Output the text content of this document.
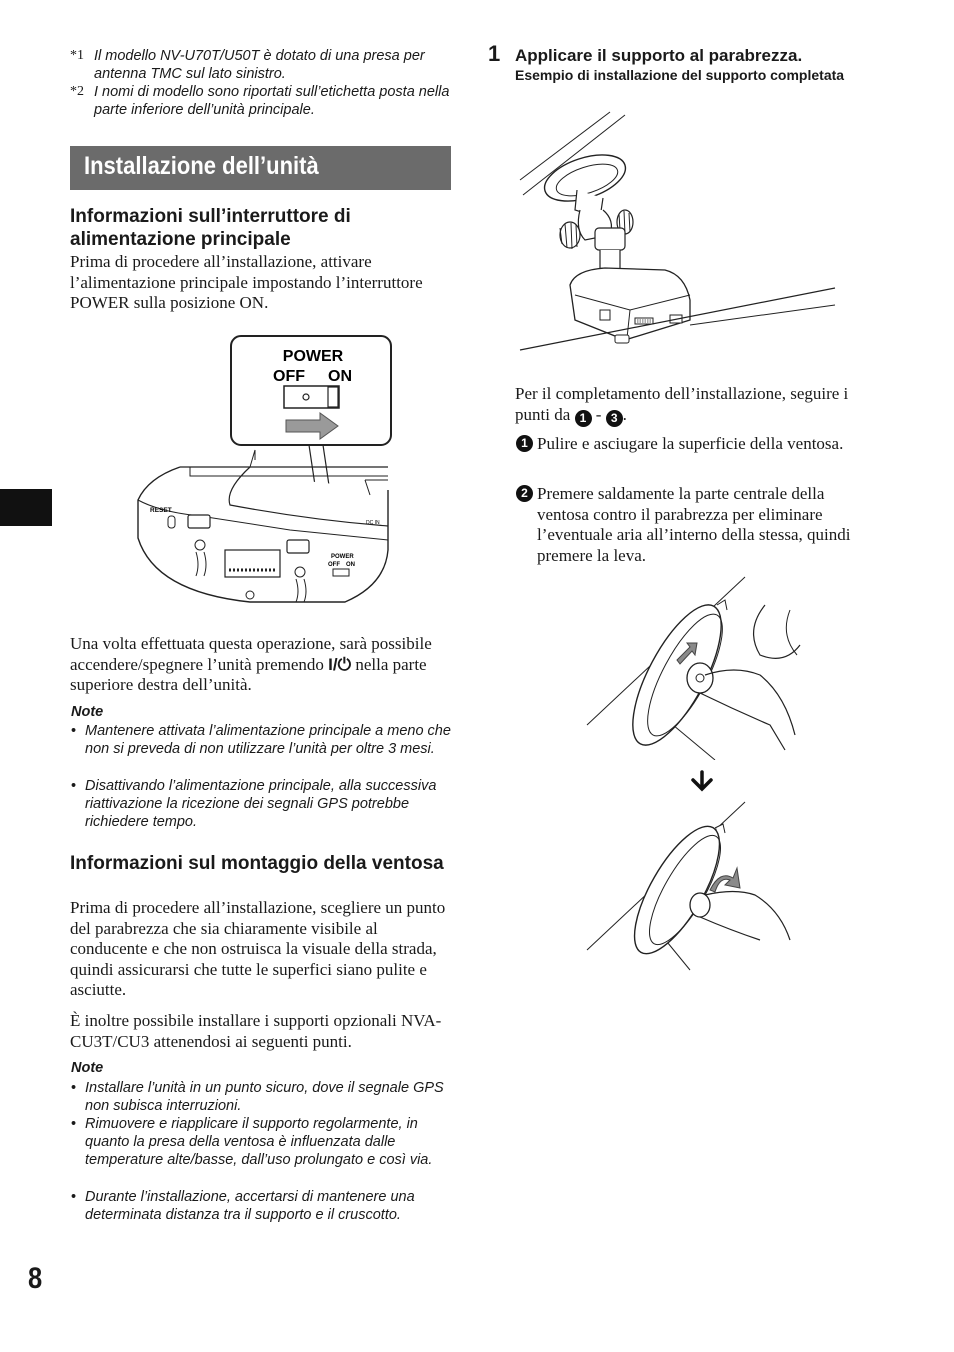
*1 Il modello NV-U70T/U50T è dotato di una presa per antenna TMC sul lato sinistro.
*2 I nomi di modello sono riportati sull’etichetta posta nella parte inferiore dell’unità principale.
Installazione dell’unità
Informazioni sull’interruttore di alimentazione principale
Prima di procedere all’installazione, attivare l’alimentazione principale impostando l’interruttore POWER sulla posizione ON.
POWER
OFF ON
RESET
POWER
OFF ON
DC IN
Una volta effettuata questa operazione, sarà possibile accendere/spegnere l’unità premendo I/⏻ nella parte superiore destra dell’unità.
Note
• Mantenere attivata l’alimentazione principale a meno che non si preveda di non utilizzare l’unità per oltre 3 mesi.
• Disattivando l’alimentazione principale, alla successiva riattivazione la ricezione dei segnali GPS potrebbe richiedere tempo.
Informazioni sul montaggio della ventosa
Prima di procedere all’installazione, scegliere un punto del parabrezza che sia chiaramente visibile al conducente e che non ostruisca la visuale della strada, quindi assicurarsi che tutte le superfici siano pulite e asciutte.
È inoltre possibile installare i supporti opzionali NVA-CU3T/CU3 attenendosi ai seguenti punti.
Note
• Installare l’unità in un punto sicuro, dove il segnale GPS non subisca interruzioni.
• Rimuovere e riapplicare il supporto regolarmente, in quanto la presa della ventosa è influenzata dalle temperature alte/basse, dall’uso prolungato e così via.
• Durante l’installazione, accertarsi di mantenere una determinata distanza tra il supporto e il cruscotto.
8
1 Applicare il supporto al parabrezza.
Esempio di installazione del supporto completata
Per il completamento dell’installazione, seguire i punti da 1 - 3 .
1 Pulire e asciugare la superficie della ventosa.
2 Premere saldamente la parte centrale della ventosa contro il parabrezza per eliminare l’eventuale aria all’interno della stessa, quindi premere la leva.
